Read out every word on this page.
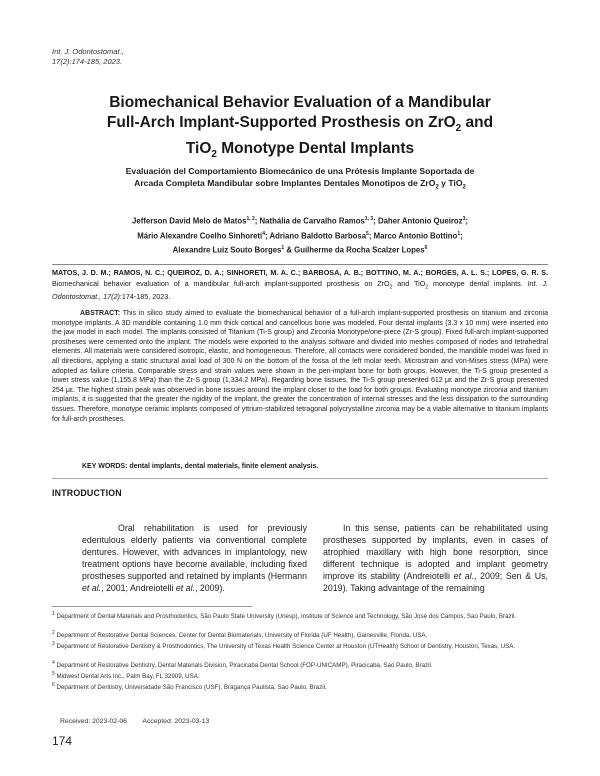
Int. J. Odontostomat.,
17(2):174-185, 2023.
Biomechanical Behavior Evaluation of a Mandibular
Full-Arch Implant-Supported Prosthesis on ZrO$_2$ and
TiO$_2$ Monotype Dental Implants
Evaluación del Comportamiento Biomecánico de una Prótesis Implante Soportada de
Arcada Completa Mandibular sobre Implantes Dentales Monotipos de ZrO$_2$ y TiO$_2$
Jefferson David Melo de Matos$^{1, 2}$; Nathália de Carvalho Ramos$^{1, 3}$; Daher Antonio Queiroz$^3$;
Mário Alexandre Coelho Sinhoreti$^4$; Adriano Baldotto Barbosa$^5$; Marco Antonio Bottino$^1$;
Alexandre Luiz Souto Borges$^1$ & Guilherme da Rocha Scalzer Lopes$^6$
MATOS, J. D. M.; RAMOS, N. C.; QUEIROZ, D. A.; SINHORETI, M. A. C.; BARBOSA, A. B.; BOTTINO, M. A.; BORGES, A. L. S.; LOPES, G. R. S. Biomechanical behavior evaluation of a mandibular full-arch implant-supported prosthesis on ZrO$_2$ and TiO$_2$ monotype dental implants. Int. J. Odontostomat., 17(2):174-185, 2023.
ABSTRACT: This in silico study aimed to evaluate the biomechanical behavior of a full-arch implant-supported prosthesis on titanium and zirconia monotype implants. A 3D mandible containing 1.0 mm thick cortical and cancellous bone was modeled. Four dental implants (3.3 x 10 mm) were inserted into the jaw model in each model. The implants consisted of Titanium (Ti-S group) and Zirconia Monotype/one-piece (Zr-S group). Fixed full-arch implant-supported prostheses were cemented onto the implant. The models were exported to the analysis software and divided into meshes composed of nodes and tetrahedral elements. All materials were considered isotropic, elastic, and homogeneous. Therefore, all contacts were considered bonded, the mandible model was fixed in all directions, applying a static structural axial load of 300 N on the bottom of the fossa of the left molar teeth. Microstrain and von-Mises stress (MPa) were adopted as failure criteria. Comparable stress and strain values were shown in the peri-implant bone for both groups. However, the Ti-S group presented a lower stress value (1,155.8 MPa) than the Zr-S group (1,334.2 MPa). Regarding bone tissues, the Ti-S group presented 612 με and the Zr-S group presented 254 με. The highest strain peak was observed in bone tissues around the implant closer to the load for both groups. Evaluating monotype zirconia and titanium implants, it is suggested that the greater the rigidity of the implant, the greater the concentration of internal stresses and the less dissipation to the surrounding tissues. Therefore, monotype ceramic implants composed of yttrium-stabilized tetragonal polycrystalline zirconia may be a viable alternative to titanium implants for full-arch prostheses.
KEY WORDS: dental implants, dental materials, finite element analysis.
INTRODUCTION
Oral rehabilitation is used for previously edentulous elderly patients via conventional complete dentures. However, with advances in implantology, new treatment options have become available, including fixed prostheses supported and retained by implants (Hermann et al., 2001; Andreiotelli et al., 2009).
In this sense, patients can be rehabilitated using prostheses supported by implants, even in cases of atrophied maxillary with high bone resorption, since different technique is adopted and implant geometry improve its stability (Andreiotelli et al., 2009; Sen & Us, 2019). Taking advantage of the remaining
$^1$ Department of Dental Materials and Prosthodontics, São Paulo State University (Unesp), Institute of Science and Technology, São José dos Campos, Sao Paulo, Brazil.
$^2$ Department of Restorative Dental Sciences, Center for Dental Biomaterials, University of Florida (UF Health), Gainesville, Florida, USA.
$^3$ Department of Restorative Dentistry & Prosthodontics, The University of Texas Health Science Center at Houston (UTHealth) School of Dentistry, Houston, Texas, USA.
$^4$ Department of Restorative Dentistry, Dental Materials Division, Piracicaba Dental School (FOP-UNICAMP), Piracicaba, Sao Paulo, Brazil.
$^5$ Midwest Dental Arts Inc., Palm Bay, FL 32909, USA.
$^6$ Department of Dentistry, Universidade São Francisco (USF), Bragança Paulista, Sao Paulo, Brazil.
Received: 2023-02-06 Accepted: 2023-03-13
174
